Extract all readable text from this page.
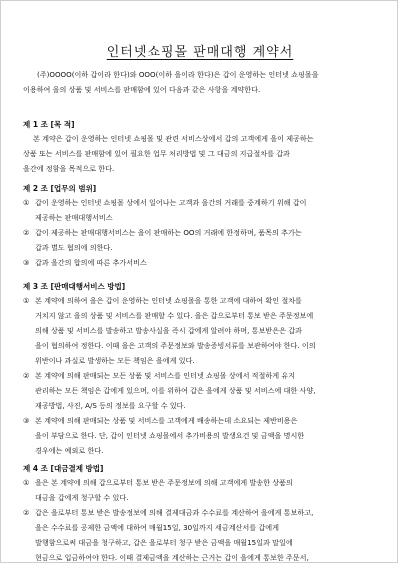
인터넷쇼핑몰 판매대행 계약서
(주)OOOO(이하 갑이라 한다)와 OOO(이하 을이라 한다)은 갑이 운영하는 인터넷 쇼핑몰을
이용하여 을의 상품 및 서비스를 판매함에 있어 다음과 같은 사항을 계약한다.
제 1 조 [목 적]
본 계약은 갑이 운영하는 인터넷 쇼핑몰 및 관련 서비스상에서 갑의 고객에게 을이 제공하는
상품 또는 서비스를 판매함에 있어 필요한 업무 처리방법 및 그 대금의 지급절차를 갑과
을간에 정함을 목적으로 한다.
제 2 조 [업무의 범위]
① 갑이 운영하는 인터넷 쇼핑몰 상에서 일어나는 고객과 을간의 거래를 중계하기 위해 갑이
제공하는 판매대행서비스
② 갑이 제공하는 판매대행서비스는 을이 판매하는 OO의 거래에 한정하며, 품목의 추가는
갑과 별도 협의에 의한다.
③ 갑과 을간의 합의에 따른 추가서비스
제 3 조 [판매대행서비스 방법]
① 본 계약에 의하여 을은 갑이 운영하는 인터넷 쇼핑몰을 통한 고객에 대하여 확인 절차를
거치지 않고 을의 상품 및 서비스를 판매할 수 있다. 을은 갑으로부터 통보 받은 주문정보에
의해 상품 및 서비스를 발송하고 발송사실을 즉시 갑에게 알려야 하며, 통보받은은 갑과
을이 협의하여 정한다. 이때 을은 고객의 주문정보와 발송증빙서류를 보관하여야 한다. 이의
위반이나 과실로 발생하는 모든 책임은 을에게 있다.
② 본 계약에 의해 판매되는 모든 상품 및 서비스를 인터넷 쇼핑몰 상에서 적절하게 유지
관리하는 모든 책임은 갑에게 있으며, 이를 위하여 갑은 을에게 상품 및 서비스에 대한 사양,
재공방법, 사진, A/S 등의 정보를 요구할 수 있다.
③ 본 계약에 의해 판매되는 상품 및 서비스를 고객에게 배송하는데 소요되는 제반비용은
을이 부담으로 한다. 단, 갑이 인터넷 쇼핑몰에서 추가비용의 발생요건 및 금액을 명시한
경우에는 예외로 한다.
제 4 조 [대금결제 방법]
① 을은 본 계약에 의해 갑으로부터 통보 받은 주문정보에 의해 고객에게 발송한 상품의
대금을 갑에게 청구할 수 있다.
② 갑은 을로부터 통보 받은 발송정보에 의해 결제대금과 수수료를 계산하여 을에게 통보하고,
을은 수수료를 공제한 금액에 대하여 매월15일, 30일까지 세금계산서를 갑에게
발행함으로써 대금을 청구하고, 갑은 을로부터 청구 받은 금액을 매월15일과 말일에
현금으로 입금하여야 한다. 이때 결제금액을 계산하는 근거는 갑이 을에게 통보한 주문서,
